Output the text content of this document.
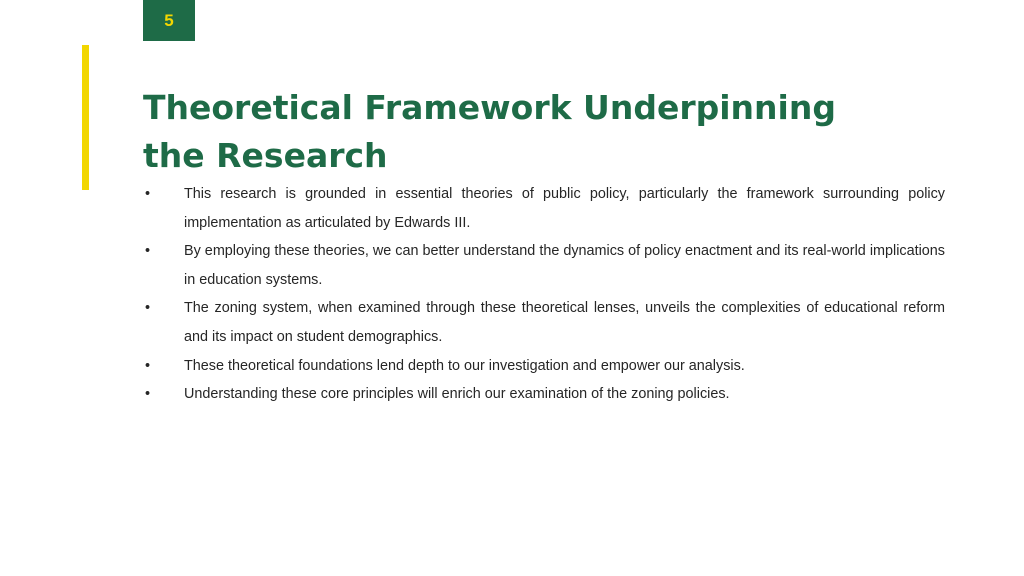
5
Theoretical Framework Underpinning the Research
• This research is grounded in essential theories of public policy, particularly the framework surrounding policy implementation as articulated by Edwards III.
• By employing these theories, we can better understand the dynamics of policy enactment and its real-world implications in education systems.
• The zoning system, when examined through these theoretical lenses, unveils the complexities of educational reform and its impact on student demographics.
• These theoretical foundations lend depth to our investigation and empower our analysis.
• Understanding these core principles will enrich our examination of the zoning policies.
